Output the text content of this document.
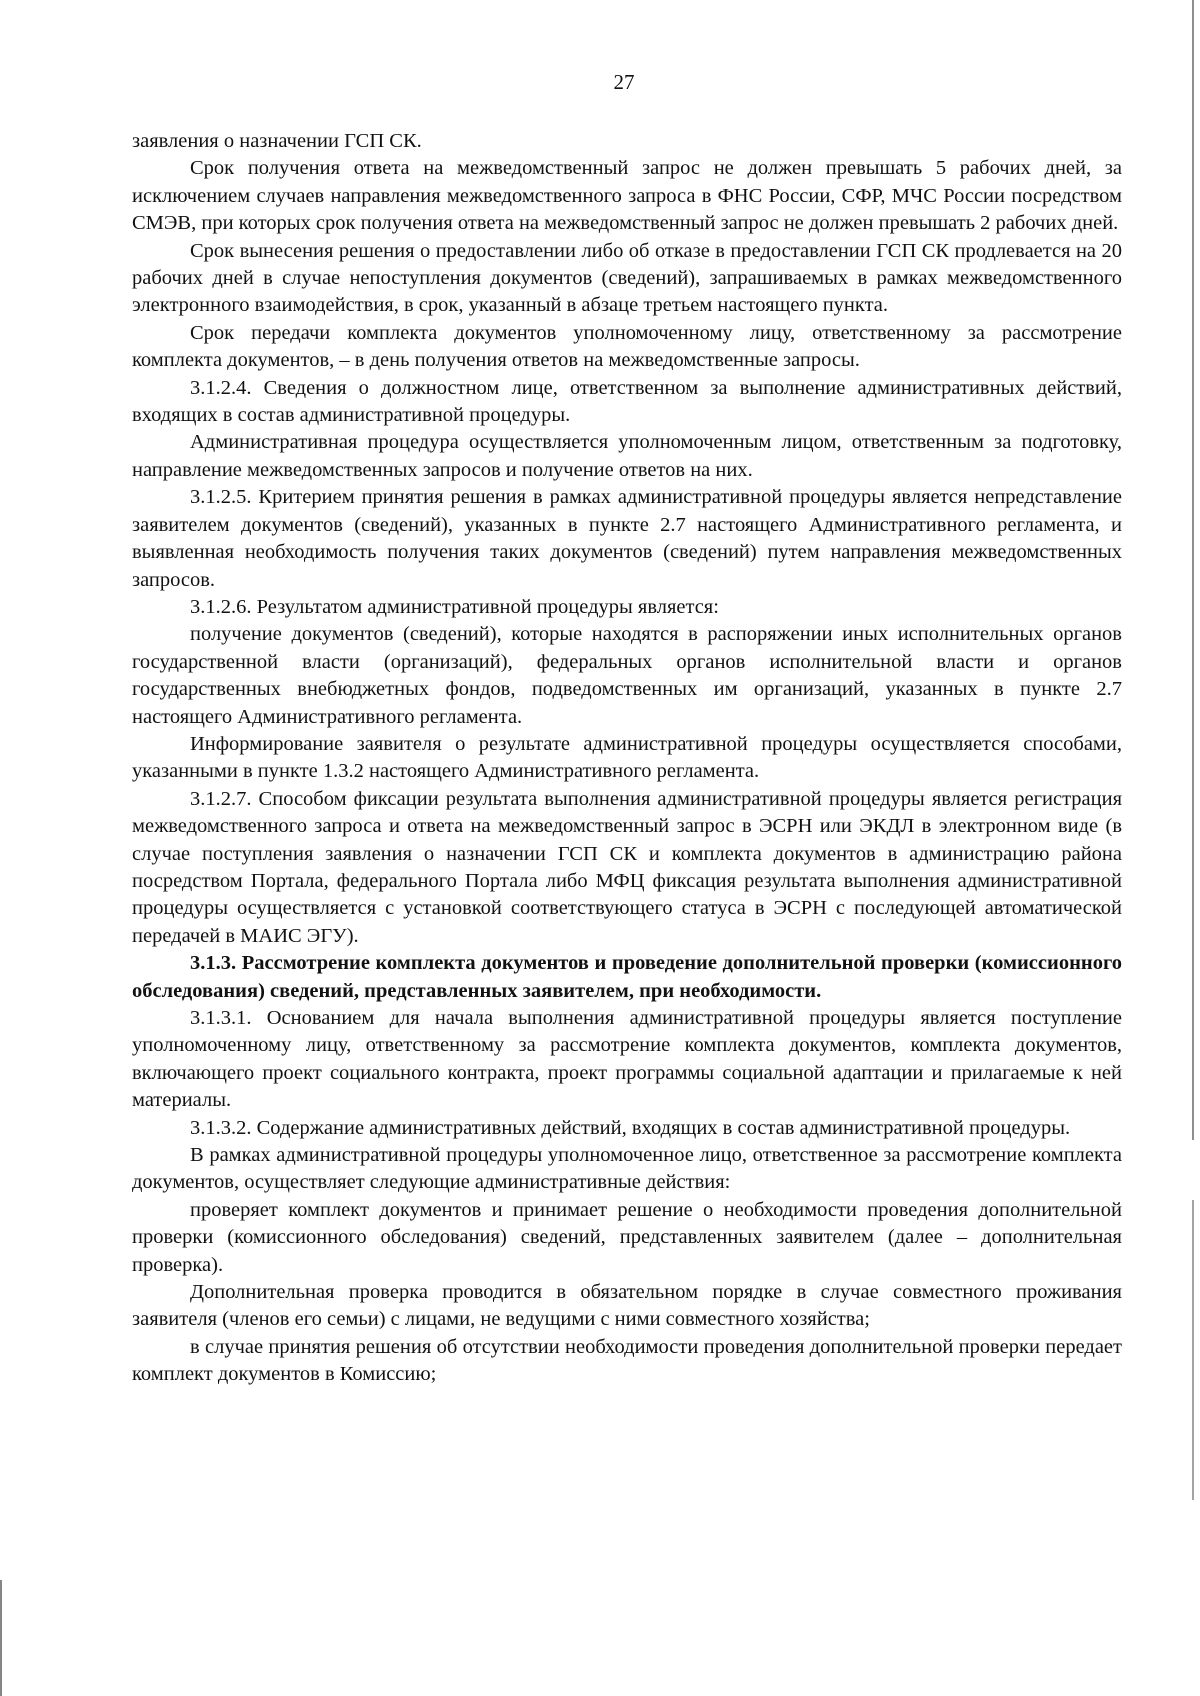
27

заявления о назначении ГСП СК.

Срок получения ответа на межведомственный запрос не должен превышать 5 рабочих дней, за исключением случаев направления межведомственного запроса в ФНС России, СФР, МЧС России посредством СМЭВ, при которых срок получения ответа на межведомственный запрос не должен превышать 2 рабочих дней.

Срок вынесения решения о предоставлении либо об отказе в предоставлении ГСП СК продлевается на 20 рабочих дней в случае непоступления документов (сведений), запрашиваемых в рамках межведомственного электронного взаимодействия, в срок, указанный в абзаце третьем настоящего пункта.

Срок передачи комплекта документов уполномоченному лицу, ответственному за рассмотрение комплекта документов, – в день получения ответов на межведомственные запросы.

3.1.2.4. Сведения о должностном лице, ответственном за выполнение административных действий, входящих в состав административной процедуры.

Административная процедура осуществляется уполномоченным лицом, ответственным за подготовку, направление межведомственных запросов и получение ответов на них.

3.1.2.5. Критерием принятия решения в рамках административной процедуры является непредставление заявителем документов (сведений), указанных в пункте 2.7 настоящего Административного регламента, и выявленная необходимость получения таких документов (сведений) путем направления межведомственных запросов.

3.1.2.6. Результатом административной процедуры является:

получение документов (сведений), которые находятся в распоряжении иных исполнительных органов государственной власти (организаций), федеральных органов исполнительной власти и органов государственных внебюджетных фондов, подведомственных им организаций, указанных в пункте 2.7 настоящего Административного регламента.

Информирование заявителя о результате административной процедуры осуществляется способами, указанными в пункте 1.3.2 настоящего Административного регламента.

3.1.2.7. Способом фиксации результата выполнения административной процедуры является регистрация межведомственного запроса и ответа на межведомственный запрос в ЭСРН или ЭКДЛ в электронном виде (в случае поступления заявления о назначении ГСП СК и комплекта документов в администрацию района посредством Портала, федерального Портала либо МФЦ фиксация результата выполнения административной процедуры осуществляется с установкой соответствующего статуса в ЭСРН с последующей автоматической передачей в МАИС ЭГУ).

3.1.3. Рассмотрение комплекта документов и проведение дополнительной проверки (комиссионного обследования) сведений, представленных заявителем, при необходимости.

3.1.3.1. Основанием для начала выполнения административной процедуры является поступление уполномоченному лицу, ответственному за рассмотрение комплекта документов, комплекта документов, включающего проект социального контракта, проект программы социальной адаптации и прилагаемые к ней материалы.

3.1.3.2. Содержание административных действий, входящих в состав административной процедуры.

В рамках административной процедуры уполномоченное лицо, ответственное за рассмотрение комплекта документов, осуществляет следующие административные действия:

проверяет комплект документов и принимает решение о необходимости проведения дополнительной проверки (комиссионного обследования) сведений, представленных заявителем (далее – дополнительная проверка).

Дополнительная проверка проводится в обязательном порядке в случае совместного проживания заявителя (членов его семьи) с лицами, не ведущими с ними совместного хозяйства;

в случае принятия решения об отсутствии необходимости проведения дополнительной проверки передает комплект документов в Комиссию;
